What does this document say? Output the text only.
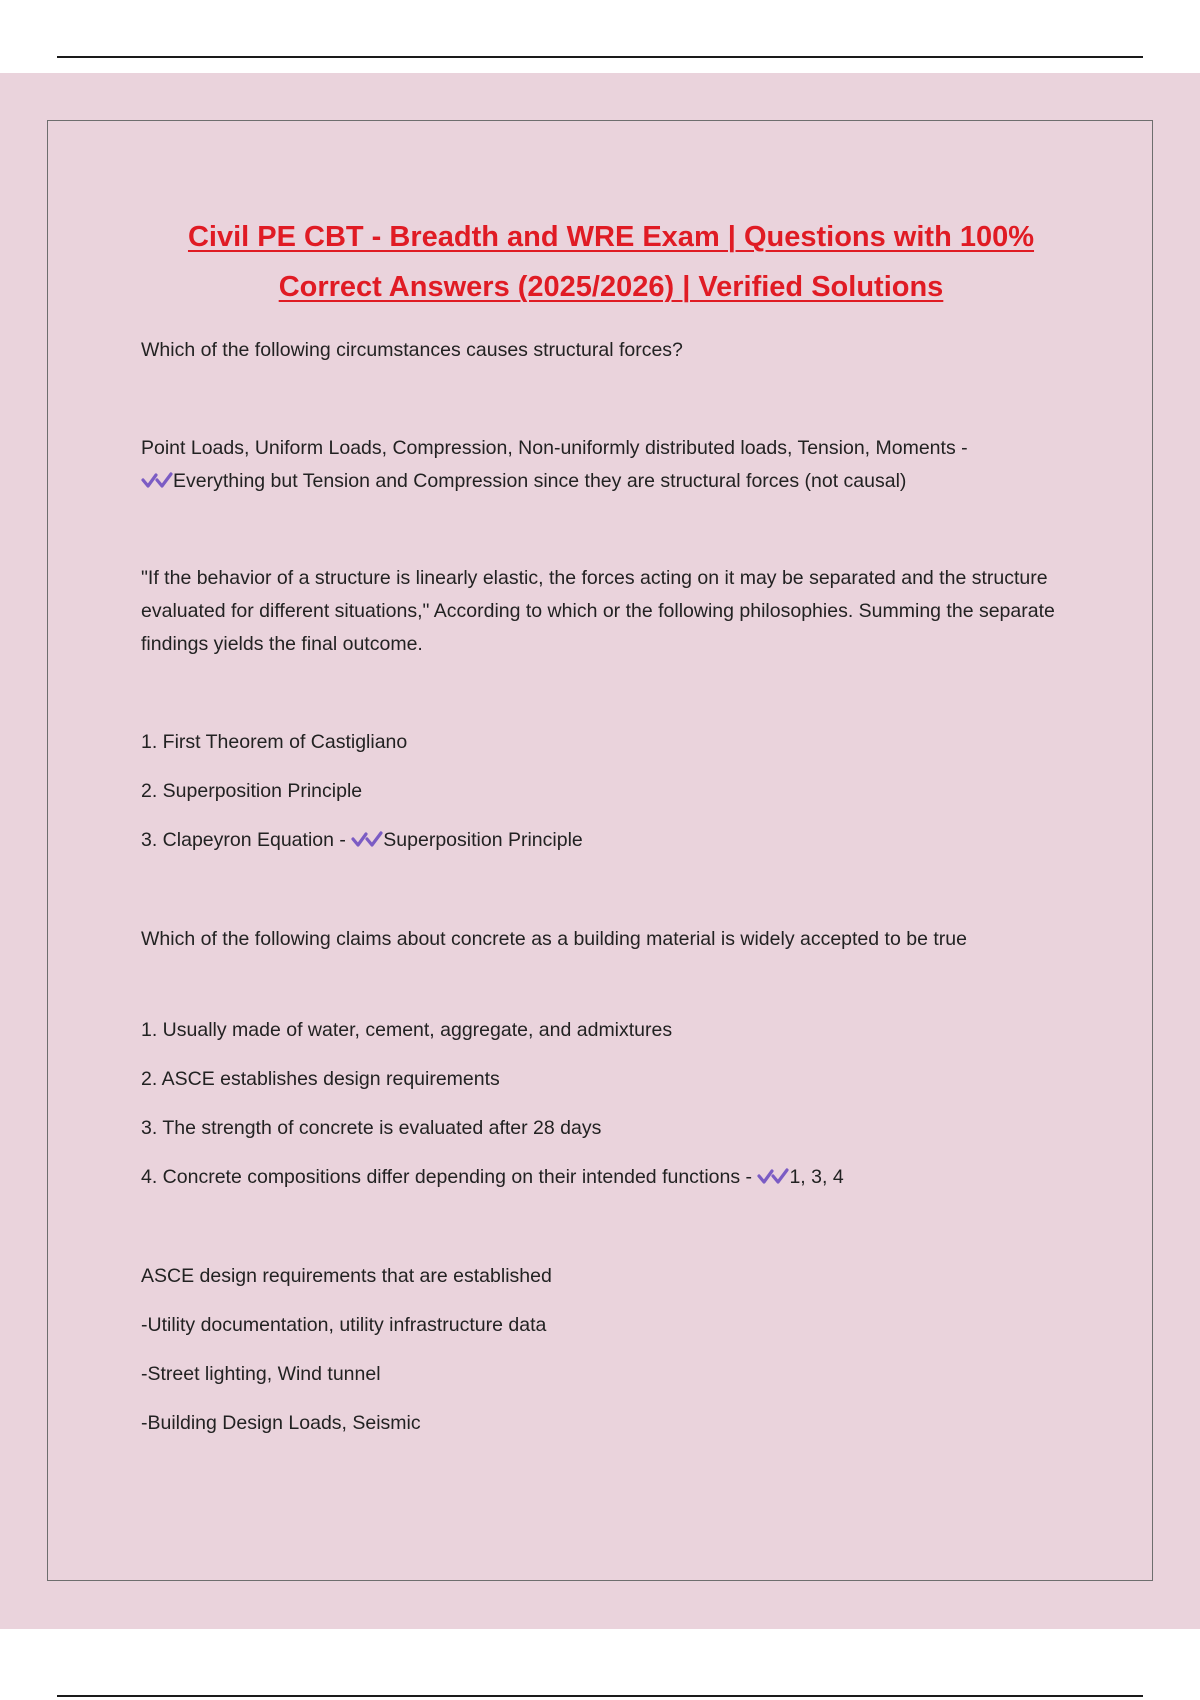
Civil PE CBT - Breadth and WRE Exam | Questions with 100% Correct Answers (2025/2026) | Verified Solutions

Which of the following circumstances causes structural forces?

Point Loads, Uniform Loads, Compression, Non-uniformly distributed loads, Tension, Moments -

Everything but Tension and Compression since they are structural forces (not causal)

"If the behavior of a structure is linearly elastic, the forces acting on it may be separated and the structure evaluated for different situations," According to which or the following philosophies. Summing the separate findings yields the final outcome.

1. First Theorem of Castigliano

2. Superposition Principle

3. Clapeyron Equation - Superposition Principle

Which of the following claims about concrete as a building material is widely accepted to be true

1. Usually made of water, cement, aggregate, and admixtures

2. ASCE establishes design requirements

3. The strength of concrete is evaluated after 28 days

4. Concrete compositions differ depending on their intended functions - 1, 3, 4

ASCE design requirements that are established

-Utility documentation, utility infrastructure data

-Street lighting, Wind tunnel

-Building Design Loads, Seismic
